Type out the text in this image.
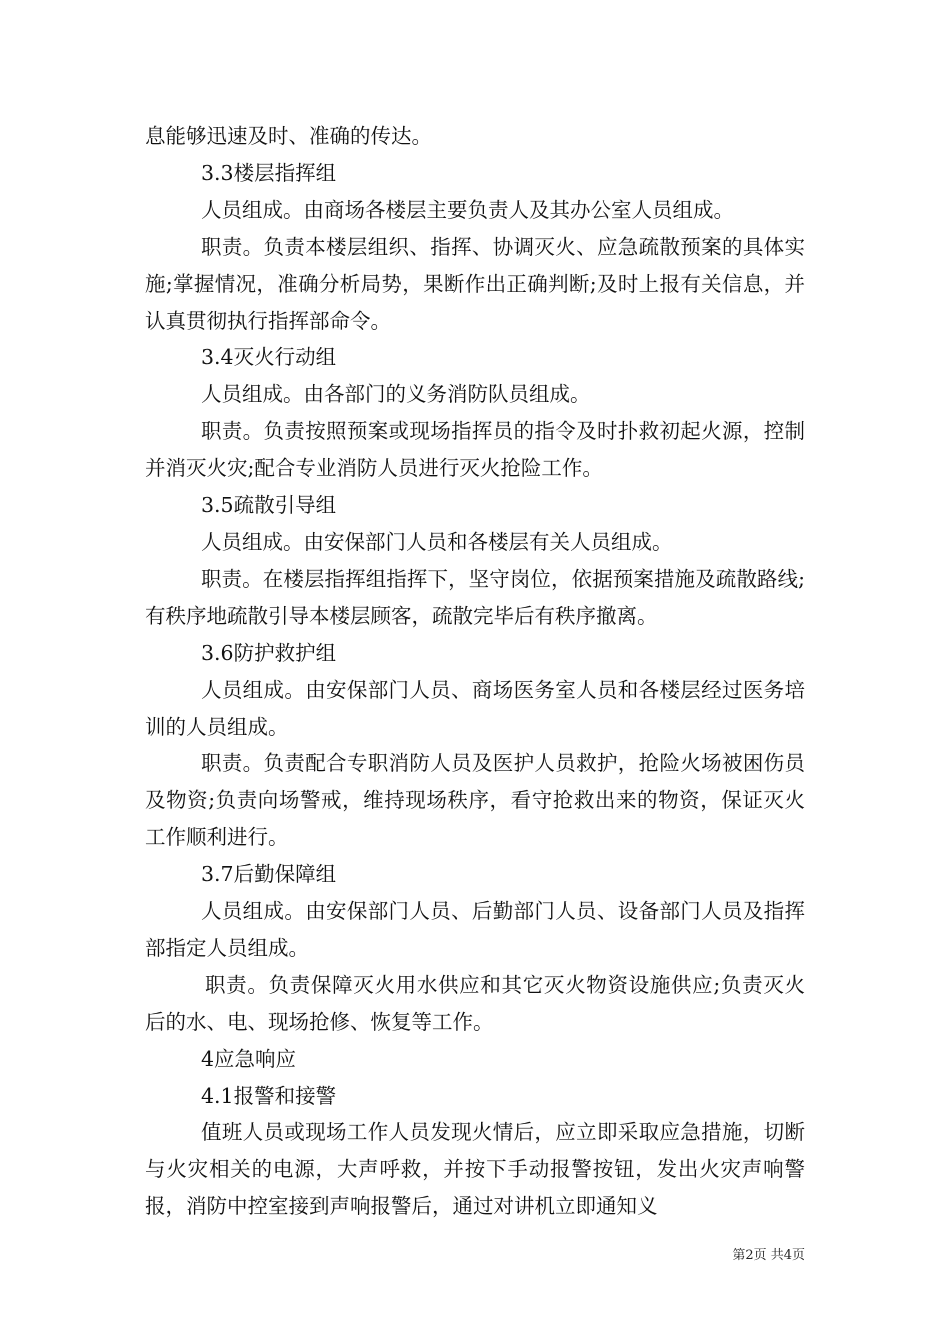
息能够迅速及时、准确的传达。

3.3楼层指挥组

人员组成。由商场各楼层主要负责人及其办公室人员组成。

职责。负责本楼层组织、指挥、协调灭火、应急疏散预案的具体实施;掌握情况，准确分析局势，果断作出正确判断;及时上报有关信息，并认真贯彻执行指挥部命令。

3.4灭火行动组

人员组成。由各部门的义务消防队员组成。

职责。负责按照预案或现场指挥员的指令及时扑救初起火源，控制并消灭火灾;配合专业消防人员进行灭火抢险工作。

3.5疏散引导组

人员组成。由安保部门人员和各楼层有关人员组成。

职责。在楼层指挥组指挥下，坚守岗位，依据预案措施及疏散路线;有秩序地疏散引导本楼层顾客，疏散完毕后有秩序撤离。

3.6防护救护组

人员组成。由安保部门人员、商场医务室人员和各楼层经过医务培训的人员组成。

职责。负责配合专职消防人员及医护人员救护，抢险火场被困伤员及物资;负责向场警戒，维持现场秩序，看守抢救出来的物资，保证灭火工作顺利进行。

3.7后勤保障组

人员组成。由安保部门人员、后勤部门人员、设备部门人员及指挥部指定人员组成。

职责。负责保障灭火用水供应和其它灭火物资设施供应;负责灭火后的水、电、现场抢修、恢复等工作。

4应急响应

4.1报警和接警

值班人员或现场工作人员发现火情后，应立即采取应急措施，切断与火灾相关的电源，大声呼救，并按下手动报警按钮，发出火灾声响警报，消防中控室接到声响报警后，通过对讲机立即通知义

第2页 共4页
